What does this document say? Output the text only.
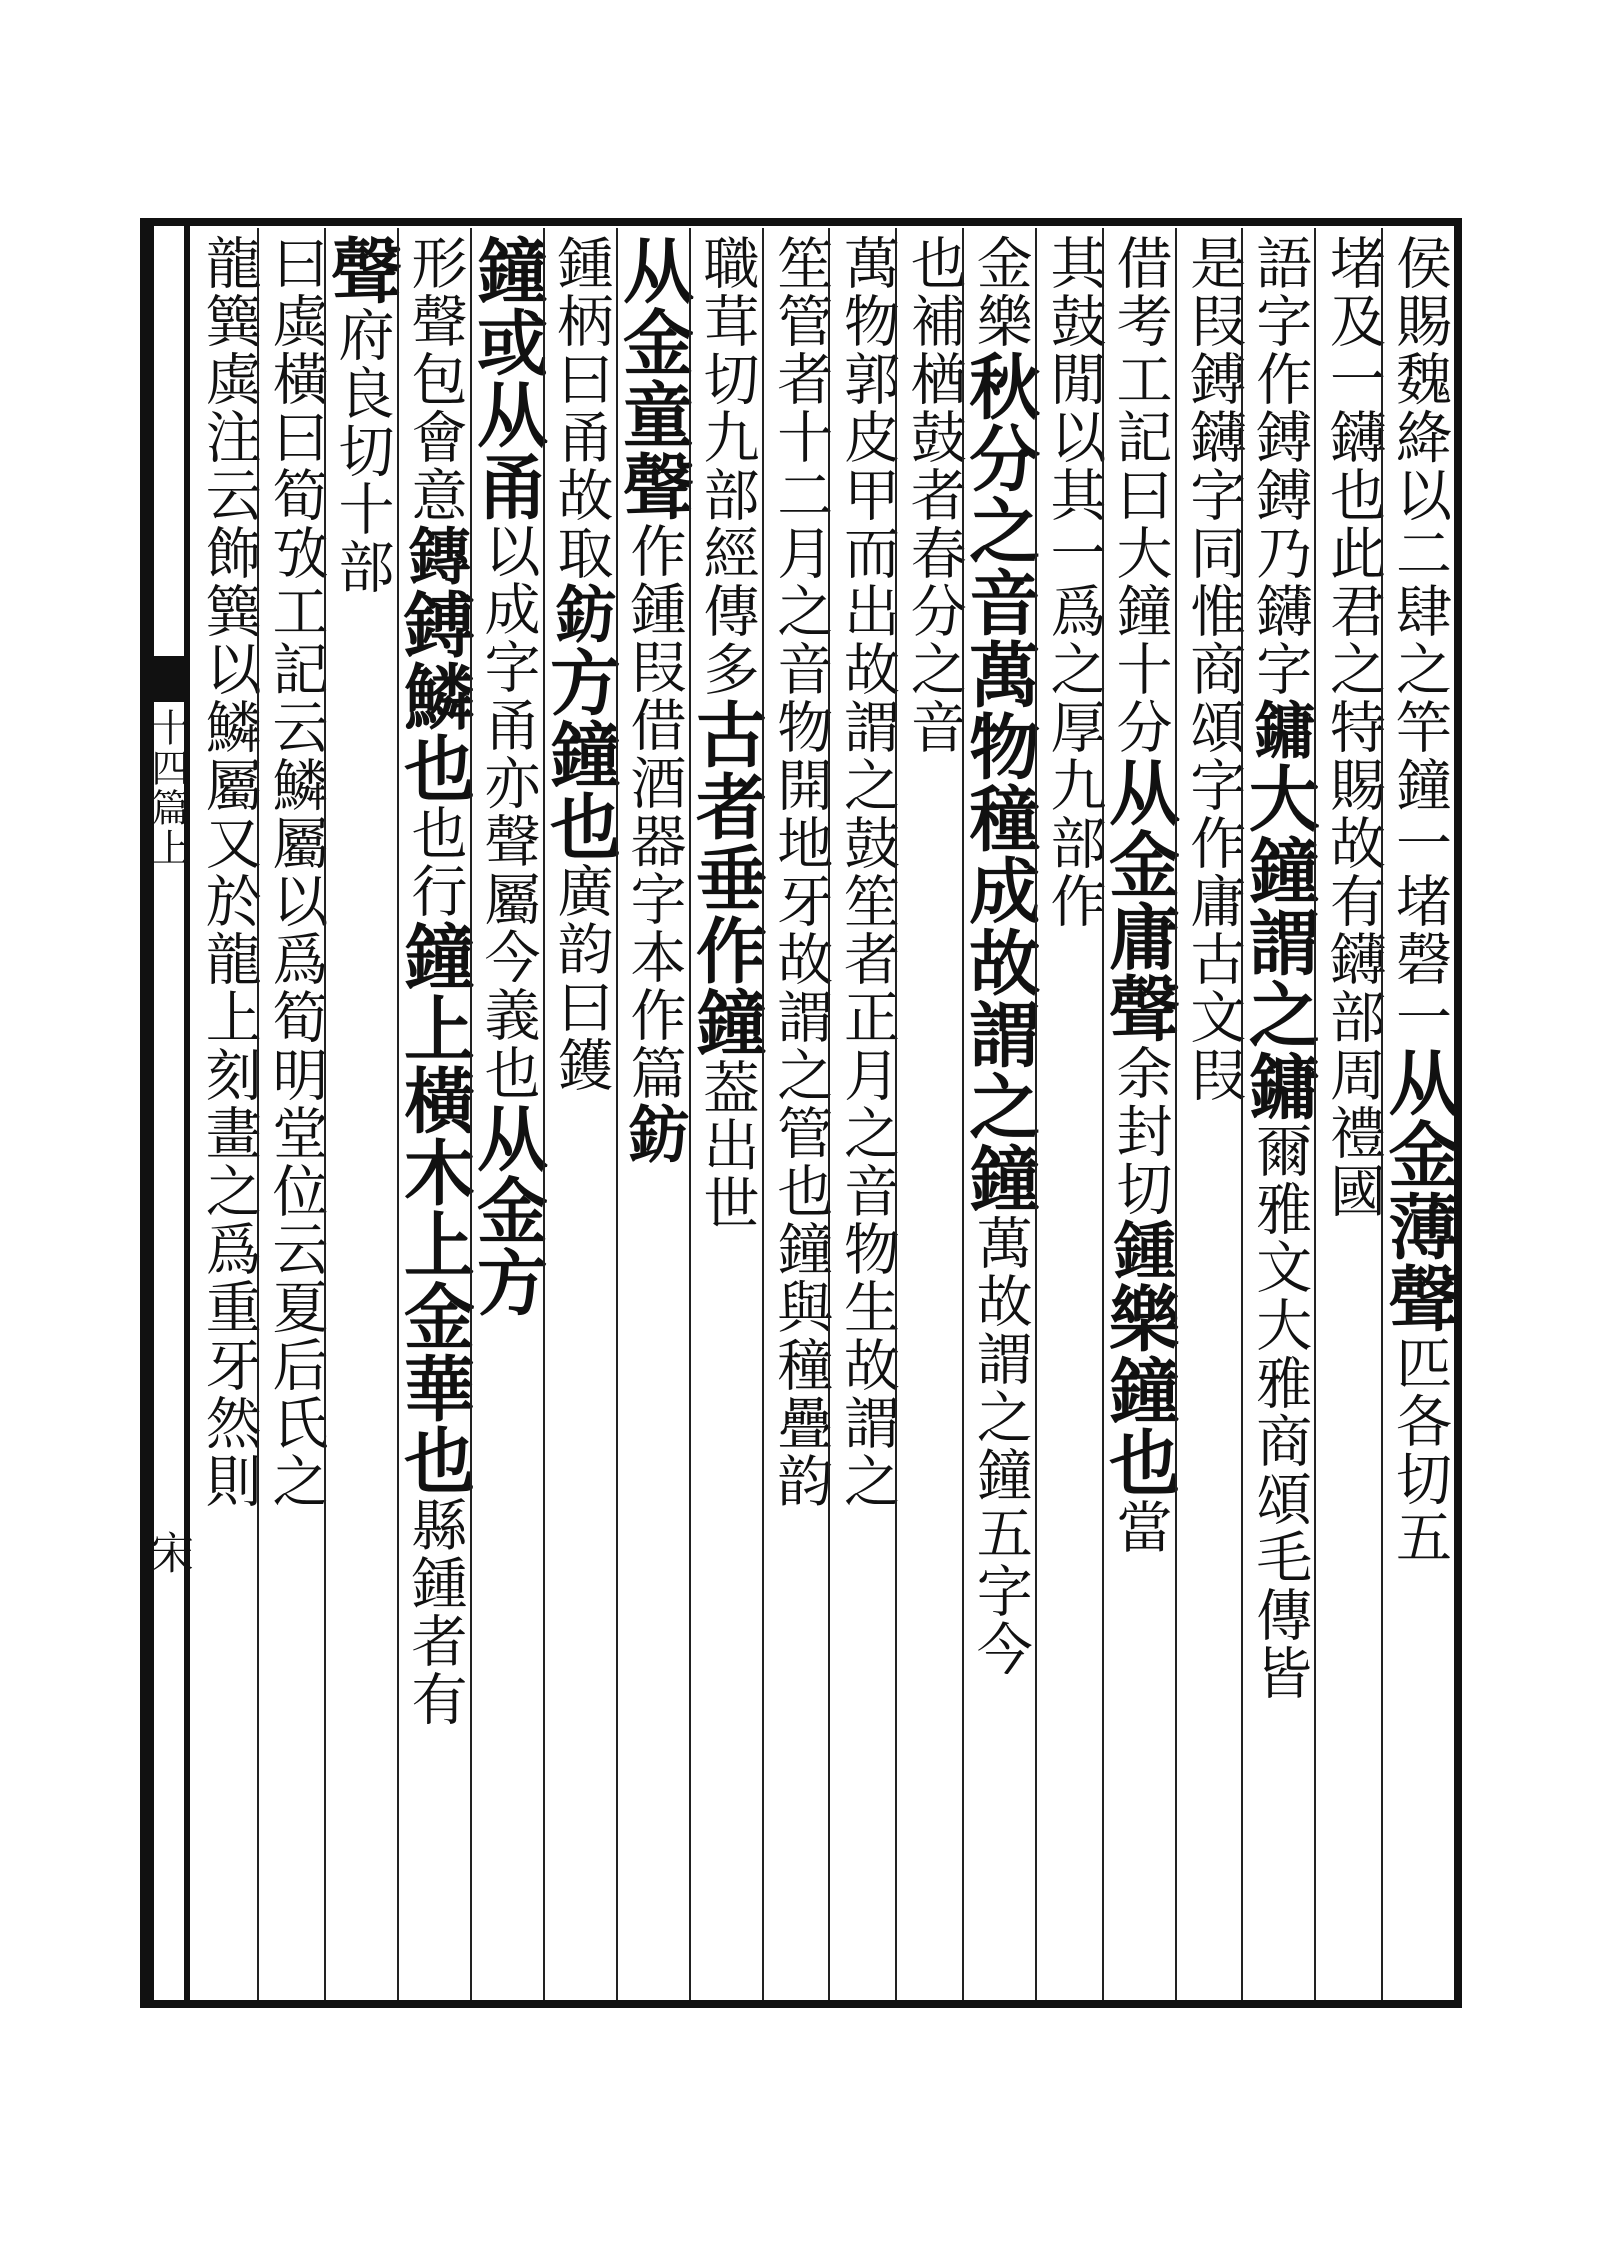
十四篇上
宋
侯賜魏絳以二肆之竿鐘一堵磬一从金薄聲匹各切五
堵及一鑮也此君之特賜故有鑮部周禮國
語字作鎛鎛乃鑮字鏞大鐘謂之鏞爾雅文大雅商頌毛傳皆
是叚鎛鑮字同惟商頌字作庸古文叚
借考工記曰大鐘十分从金庸聲余封切鍾樂鐘也當
其鼓閒以其一爲之厚九部作
金樂秋分之音萬物穜成故謂之鐘萬故謂之鐘五字今
也補楢鼓者春分之音
萬物郭皮甲而出故謂之鼓笙者正月之音物生故謂之
笙管者十二月之音物開地牙故謂之管也鐘與穜疊韵
職茸切九部經傳多古者垂作鐘葢出世
从金童聲作鍾叚借酒器字本作篇鈁
鍾柄曰甬故取鈁方鐘也廣韵曰鑊
鐘或从甬以成字甬亦聲屬今義也从金方
形聲包會意鏄鎛鱗也也行鐘上橫木上金華也縣鍾者有
聲府良切十部
曰虡橫曰筍攷工記云鱗屬以爲筍明堂位云夏后氏之
龍簨虡注云飾簨以鱗屬又於龍上刻畫之爲重牙然則
